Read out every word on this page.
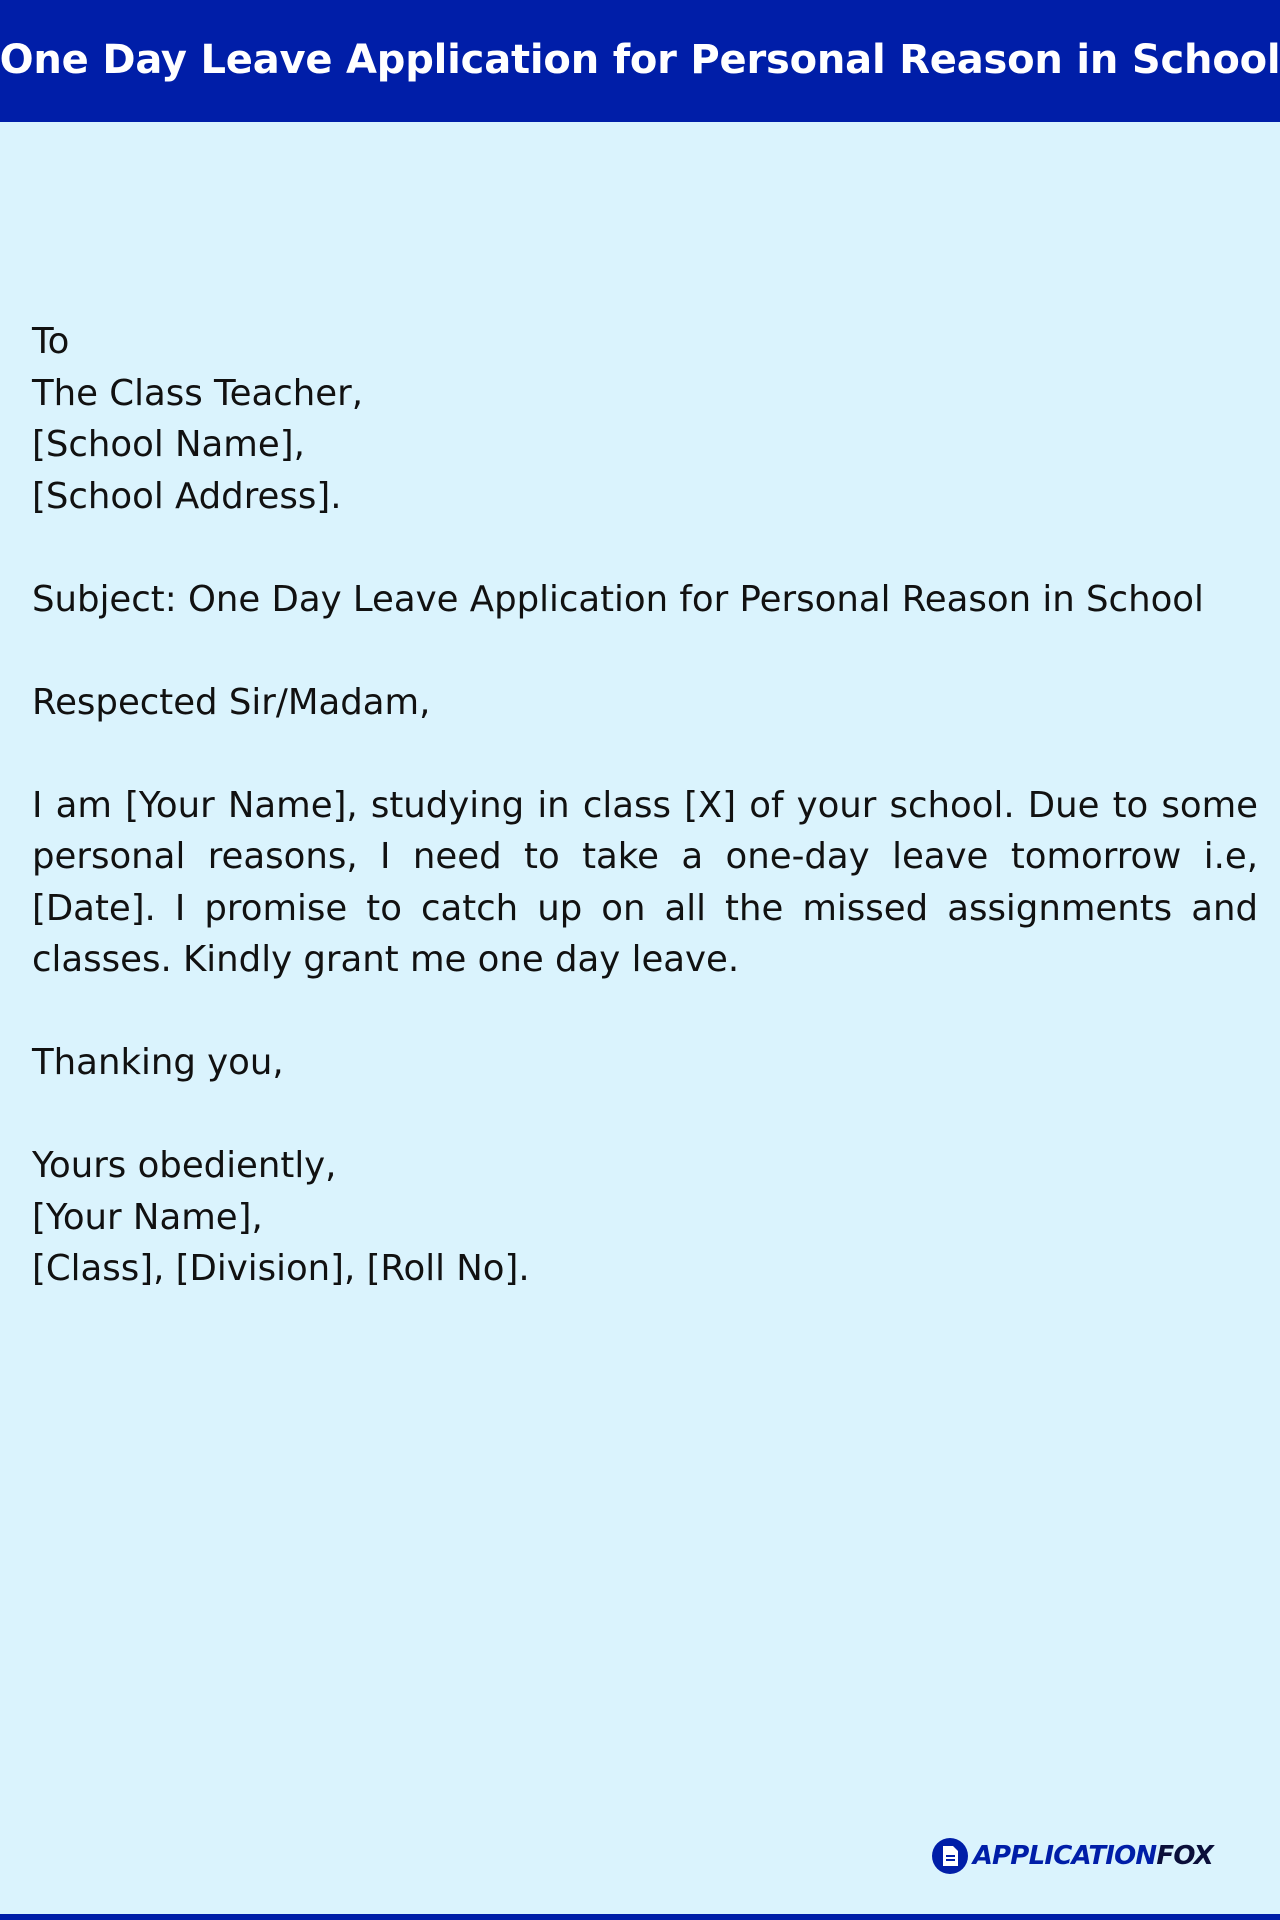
One Day Leave Application for Personal Reason in School
To
The Class Teacher,
[School Name],
[School Address].
Subject: One Day Leave Application for Personal Reason in School
Respected Sir/Madam,
I am [Your Name], studying in class [X] of your school. Due to some personal reasons, I need to take a one-day leave tomorrow i.e, [Date]. I promise to catch up on all the missed assignments and classes. Kindly grant me one day leave.
Thanking you,
Yours obediently,
[Your Name],
[Class], [Division], [Roll No].
APPLICATIONFOX
